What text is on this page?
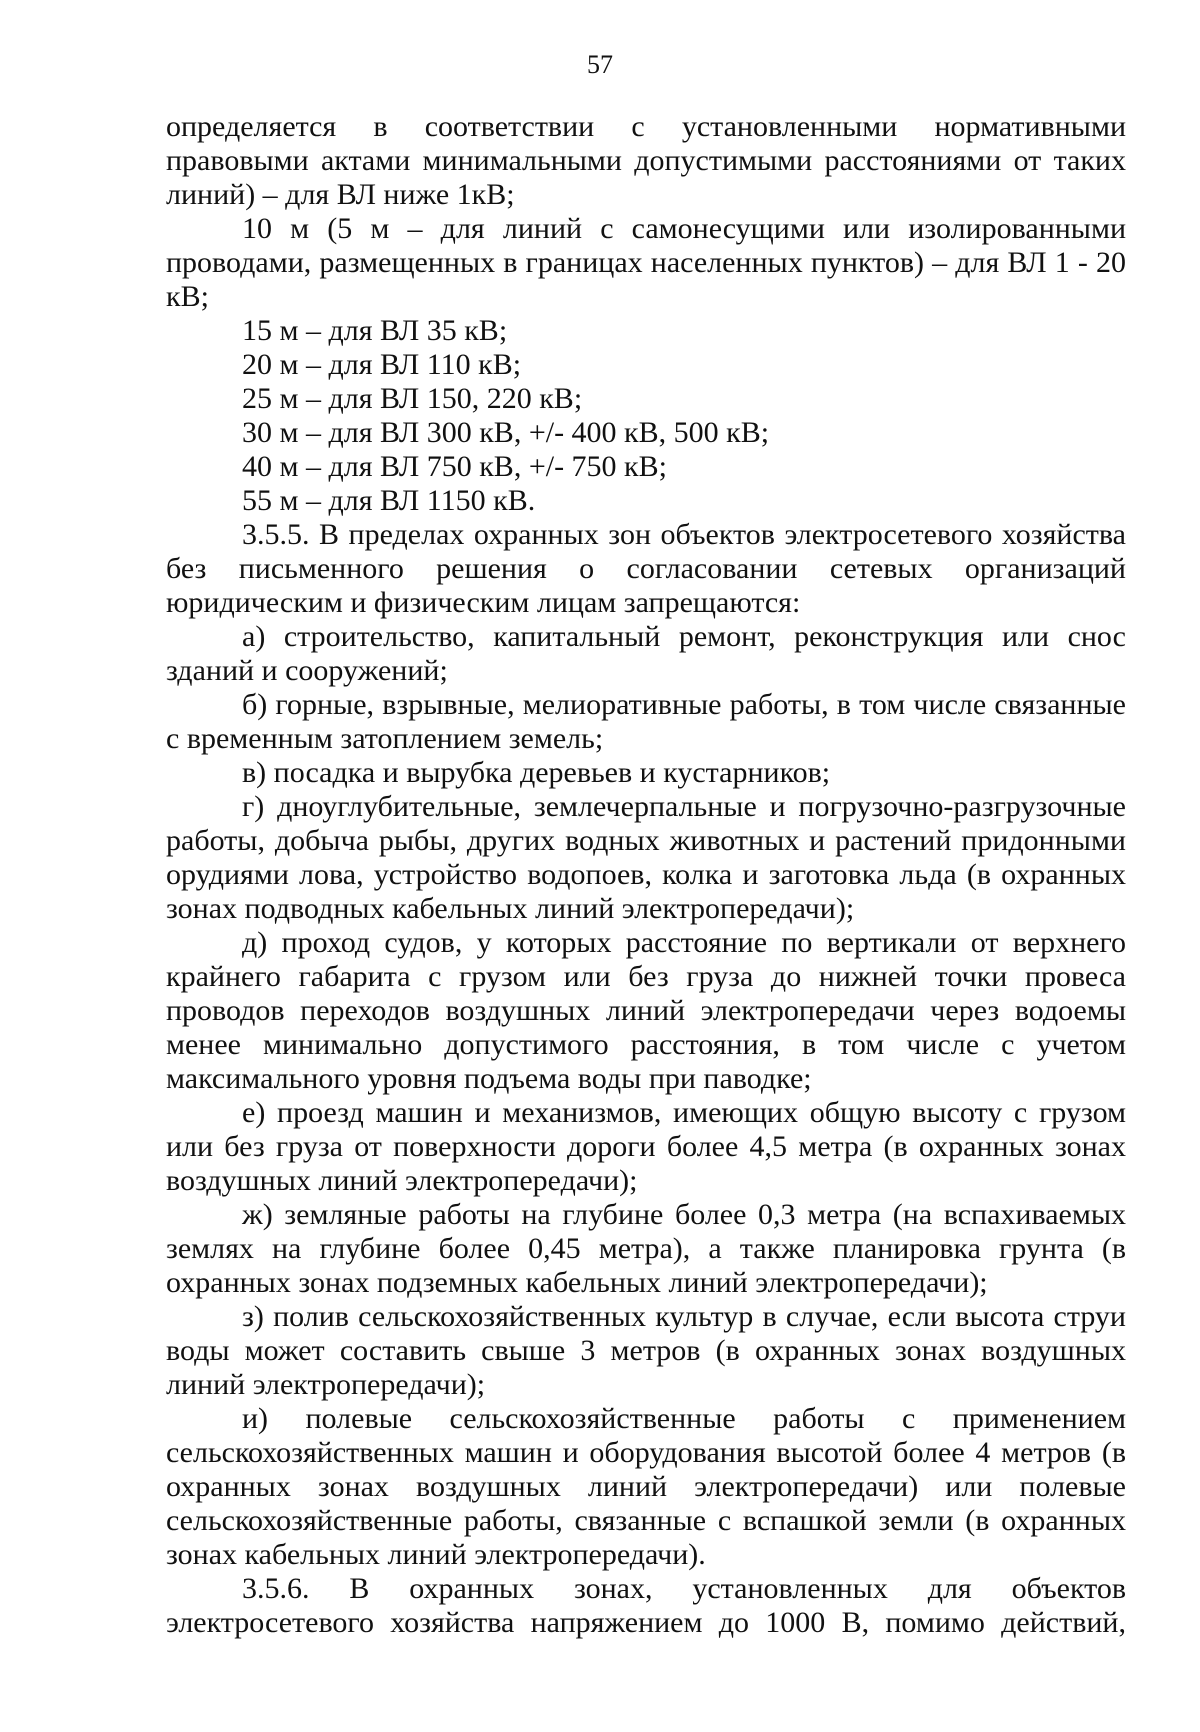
57

определяется в соответствии с установленными нормативными правовыми актами минимальными допустимыми расстояниями от таких линий) – для ВЛ ниже 1кВ;

10 м (5 м – для линий с самонесущими или изолированными проводами, размещенных в границах населенных пунктов) – для ВЛ 1 - 20 кВ;

15 м – для ВЛ 35 кВ;

20 м – для ВЛ 110 кВ;

25 м – для ВЛ 150, 220 кВ;

30 м – для ВЛ 300 кВ, +/- 400 кВ, 500 кВ;

40 м – для ВЛ 750 кВ, +/- 750 кВ;

55 м – для ВЛ 1150 кВ.

3.5.5. В пределах охранных зон объектов электросетевого хозяйства без письменного решения о согласовании сетевых организаций юридическим и физическим лицам запрещаются:

а) строительство, капитальный ремонт, реконструкция или снос зданий и сооружений;

б) горные, взрывные, мелиоративные работы, в том числе связанные с временным затоплением земель;

в) посадка и вырубка деревьев и кустарников;

г) дноуглубительные, землечерпальные и погрузочно-разгрузочные работы, добыча рыбы, других водных животных и растений придонными орудиями лова, устройство водопоев, колка и заготовка льда (в охранных зонах подводных кабельных линий электропередачи);

д) проход судов, у которых расстояние по вертикали от верхнего крайнего габарита с грузом или без груза до нижней точки провеса проводов переходов воздушных линий электропередачи через водоемы менее минимально допустимого расстояния, в том числе с учетом максимального уровня подъема воды при паводке;

е) проезд машин и механизмов, имеющих общую высоту с грузом или без груза от поверхности дороги более 4,5 метра (в охранных зонах воздушных линий электропередачи);

ж) земляные работы на глубине более 0,3 метра (на вспахиваемых землях на глубине более 0,45 метра), а также планировка грунта (в охранных зонах подземных кабельных линий электропередачи);

з) полив сельскохозяйственных культур в случае, если высота струи воды может составить свыше 3 метров (в охранных зонах воздушных линий электропередачи);

и) полевые сельскохозяйственные работы с применением сельскохозяйственных машин и оборудования высотой более 4 метров (в охранных зонах воздушных линий электропередачи) или полевые сельскохозяйственные работы, связанные с вспашкой земли (в охранных зонах кабельных линий электропередачи).

3.5.6. В охранных зонах, установленных для объектов электросетевого хозяйства напряжением до 1000 В, помимо действий,
